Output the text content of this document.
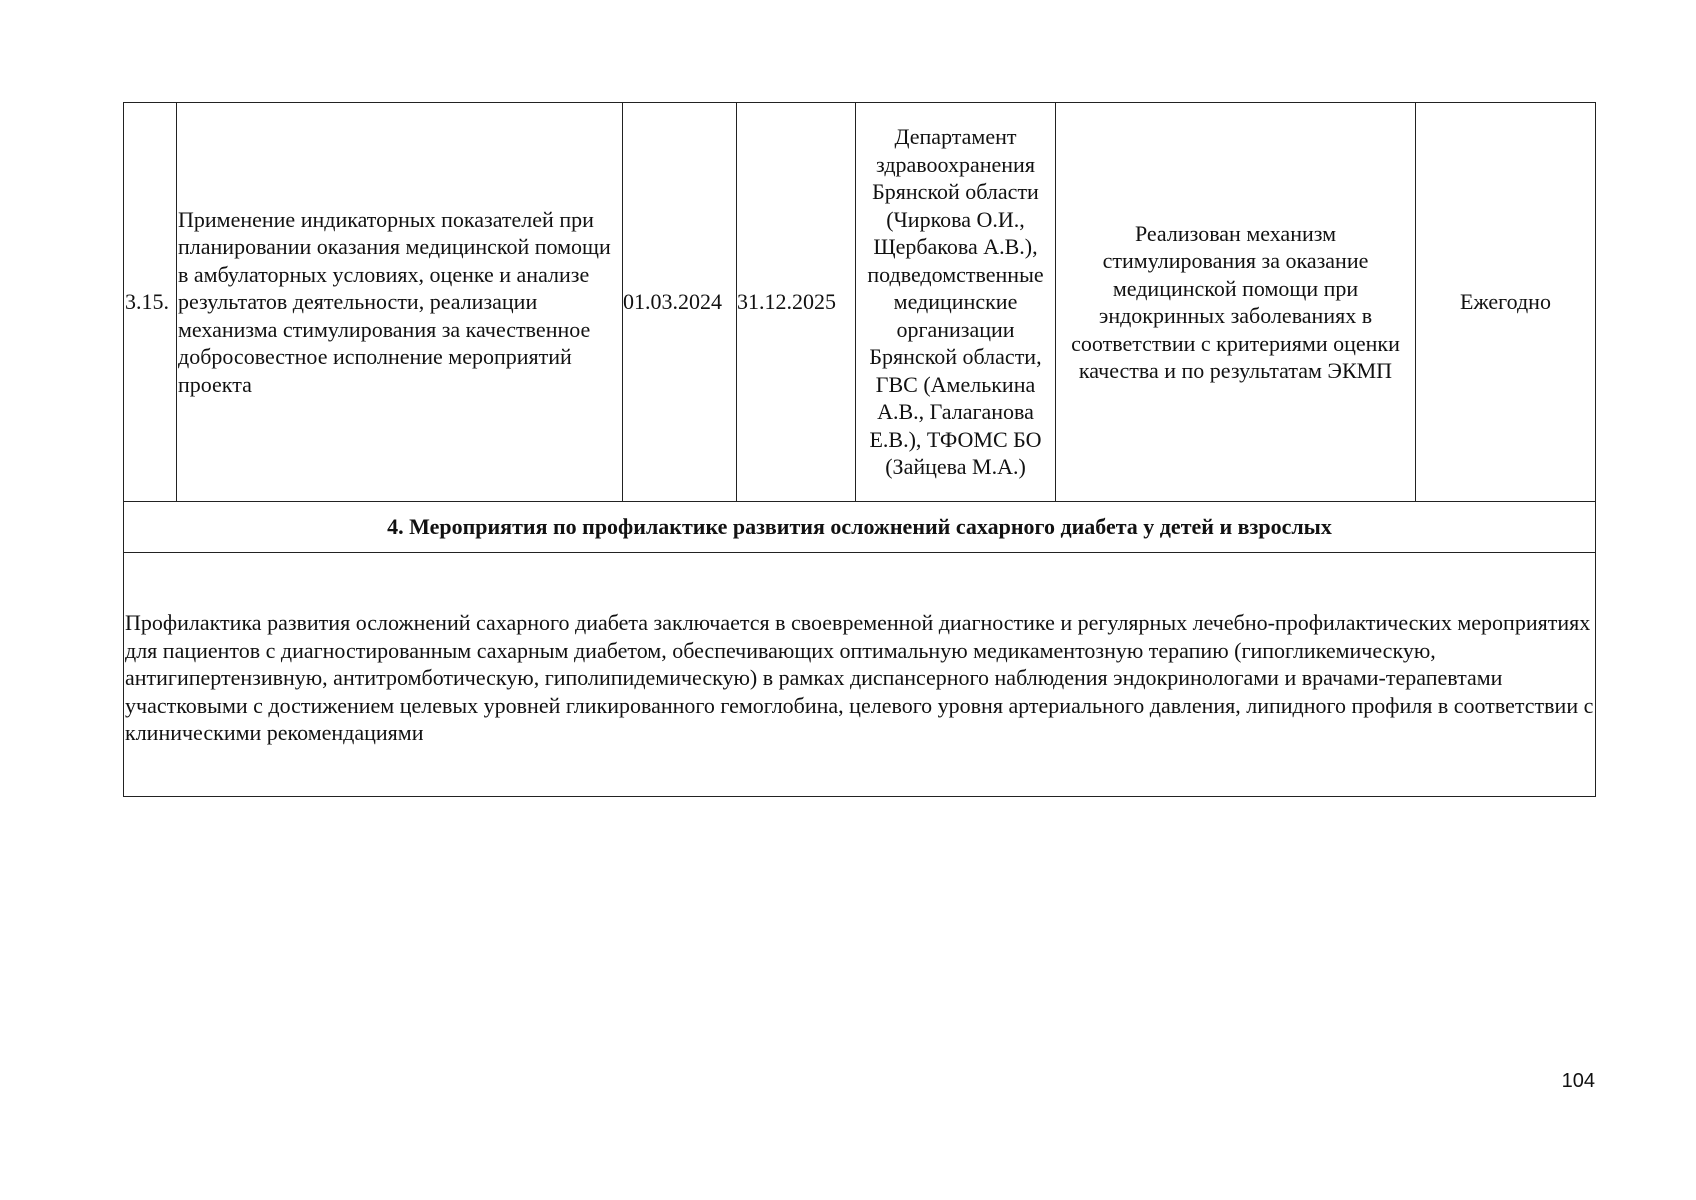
3.15.	Применение индикаторных показателей при планировании оказания медицинской помощи в амбулаторных условиях, оценке и анализе результатов деятельности, реализации механизма стимулирования за качественное добросовестное исполнение мероприятий проекта	01.03.2024	31.12.2025	Департамент здравоохранения Брянской области (Чиркова О.И., Щербакова А.В.), подведомственные медицинские организации Брянской области, ГВС (Амелькина А.В., Галаганова Е.В.), ТФОМС БО (Зайцева М.А.)	Реализован механизм стимулирования за оказание медицинской помощи при эндокринных заболеваниях в соответствии с критериями оценки качества и по результатам ЭКМП	Ежегодно
4. Мероприятия по профилактике развития осложнений сахарного диабета у детей и взрослых
Профилактика развития осложнений сахарного диабета заключается в своевременной диагностике и регулярных лечебно-профилактических мероприятиях для пациентов с диагностированным сахарным диабетом, обеспечивающих оптимальную медикаментозную терапию (гипогликемическую, антигипертензивную, антитромботическую, гиполипидемическую) в рамках диспансерного наблюдения эндокринологами и врачами-терапевтами участковыми с достижением целевых уровней гликированного гемоглобина, целевого уровня артериального давления, липидного профиля в соответствии с клиническими рекомендациями
104
